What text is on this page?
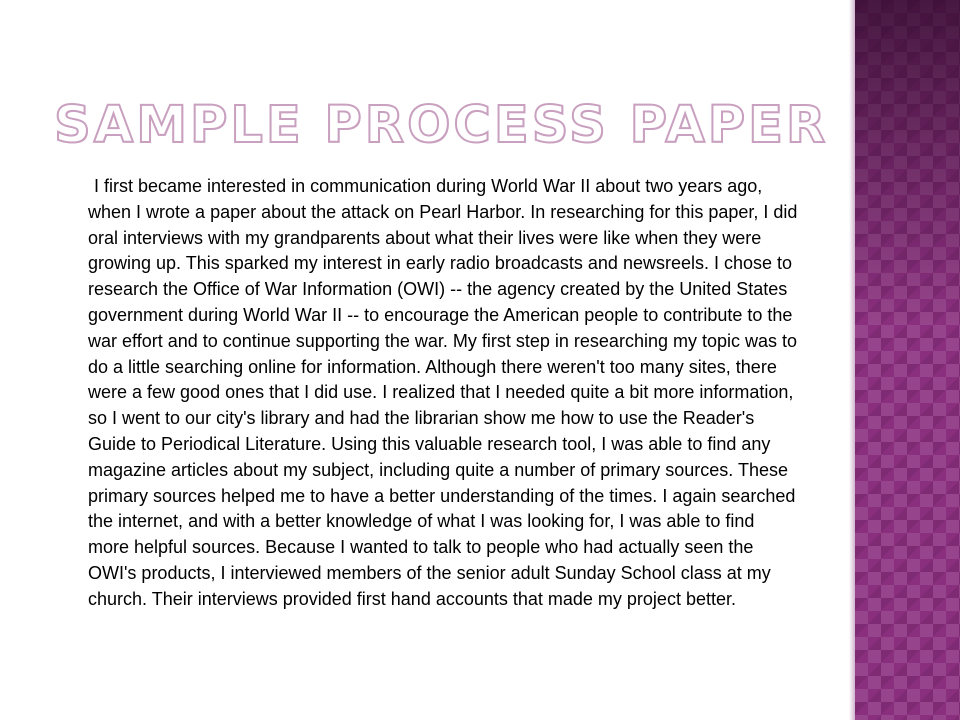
SAMPLE PROCESS PAPER

I first became interested in communication during World War II about two years ago, when I wrote a paper about the attack on Pearl Harbor. In researching for this paper, I did oral interviews with my grandparents about what their lives were like when they were growing up. This sparked my interest in early radio broadcasts and newsreels. I chose to research the Office of War Information (OWI) -- the agency created by the United States government during World War II -- to encourage the American people to contribute to the war effort and to continue supporting the war. My first step in researching my topic was to do a little searching online for information. Although there weren't too many sites, there were a few good ones that I did use. I realized that I needed quite a bit more information, so I went to our city's library and had the librarian show me how to use the Reader's Guide to Periodical Literature. Using this valuable research tool, I was able to find any magazine articles about my subject, including quite a number of primary sources. These primary sources helped me to have a better understanding of the times. I again searched the internet, and with a better knowledge of what I was looking for, I was able to find more helpful sources. Because I wanted to talk to people who had actually seen the OWI's products, I interviewed members of the senior adult Sunday School class at my church. Their interviews provided first hand accounts that made my project better.
